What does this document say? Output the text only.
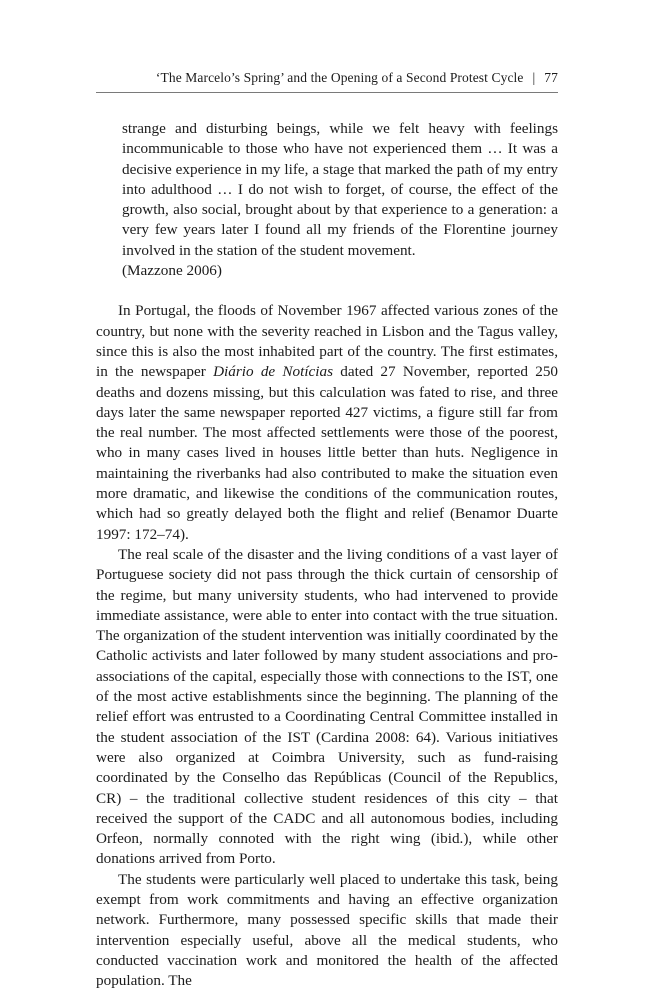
‘The Marcelo’s Spring’ and the Opening of a Second Protest Cycle | 77

strange and disturbing beings, while we felt heavy with feelings incommunicable to those who have not experienced them … It was a decisive experience in my life, a stage that marked the path of my entry into adulthood … I do not wish to forget, of course, the effect of the growth, also social, brought about by that experience to a generation: a very few years later I found all my friends of the Florentine journey involved in the station of the student movement.
(Mazzone 2006)

In Portugal, the floods of November 1967 affected various zones of the country, but none with the severity reached in Lisbon and the Tagus valley, since this is also the most inhabited part of the country. The first estimates, in the newspaper Diário de Notícias dated 27 November, reported 250 deaths and dozens missing, but this calculation was fated to rise, and three days later the same newspaper reported 427 victims, a figure still far from the real number. The most affected settlements were those of the poorest, who in many cases lived in houses little better than huts. Negligence in maintaining the riverbanks had also contributed to make the situation even more dramatic, and likewise the conditions of the communication routes, which had so greatly delayed both the flight and relief (Benamor Duarte 1997: 172–74).

The real scale of the disaster and the living conditions of a vast layer of Portuguese society did not pass through the thick curtain of censorship of the regime, but many university students, who had intervened to provide immediate assistance, were able to enter into contact with the true situation. The organization of the student intervention was initially coordinated by the Catholic activists and later followed by many student associations and pro-associations of the capital, especially those with connections to the IST, one of the most active establishments since the beginning. The planning of the relief effort was entrusted to a Coordinating Central Committee installed in the student association of the IST (Cardina 2008: 64). Various initiatives were also organized at Coimbra University, such as fund-raising coordinated by the Conselho das Repúblicas (Council of the Republics, CR) – the traditional collective student residences of this city – that received the support of the CADC and all autonomous bodies, including Orfeon, normally connoted with the right wing (ibid.), while other donations arrived from Porto.

The students were particularly well placed to undertake this task, being exempt from work commitments and having an effective organization network. Furthermore, many possessed specific skills that made their intervention especially useful, above all the medical students, who conducted vaccination work and monitored the health of the affected population. The
